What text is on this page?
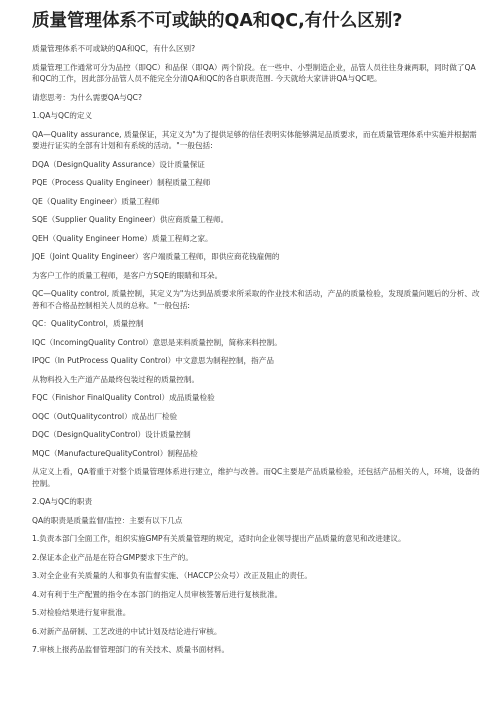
质量管理体系不可或缺的QA和QC,有什么区别?
质量管理体系不可或缺的QA和QC，有什么区别?
质量管理工作通常可分为品控（即QC）和品保（即QA）两个阶段。在一些中、小型制造企业，品管人员往往身兼两职，同时做了QA和QC的工作，因此部分品管人员不能完全分清QA和QC的各自职责范围. 今天就给大家讲讲QA与QC吧。
请您思考：为什么需要QA与QC?
1.QA与QC的定义
QA—Quality assurance, 质量保证，其定义为"为了提供足够的信任表明实体能够满足品质要求，而在质量管理体系中实施并根据需要进行证实的全部有计划和有系统的活动。"一般包括:
DQA（DesignQuality Assurance）设计质量保证
PQE（Process Quality Engineer）制程质量工程师
QE（Quality Engineer）质量工程师
SQE（Supplier Quality Engineer）供应商质量工程师。
QEH（Quality Engineer Home）质量工程师之家。
JQE（Joint Quality Engineer）客户端质量工程师，即供应商花钱雇佣的
为客户工作的质量工程师，是客户方SQE的眼睛和耳朵。
QC—Quality control, 质量控制，其定义为"为达到品质要求所采取的作业技术和活动，产品的质量检验，发现质量问题后的分析、改善和不合格品控制相关人员的总称。"一般包括:
QC：QualityControl，质量控制
IQC（IncomingQuality Control）意思是来料质量控制，简称来料控制。
IPQC（In PutProcess Quality Control）中文意思为制程控制，指产品
从物料投入生产道产品最终包装过程的质量控制。
FQC（Finishor FinalQuality Control）成品质量检验
OQC（OutQualitycontrol）成品出厂检验
DQC（DesignQualityControl）设计质量控制
MQC（ManufactureQualityControl）制程品检
从定义上看，QA着重于对整个质量管理体系进行建立，维护与改善。而QC主要是产品质量检验，还包括产品相关的人，环境，设备的控制。
2.QA与QC的职责
QA的职责是质量监督/监控：主要有以下几点
1.负责本部门全面工作，组织实施GMP有关质量管理的规定，适时向企业领导提出产品质量的意见和改进建议。
2.保证本企业产品是在符合GMP要求下生产的。
3.对全企业有关质量的人和事负有监督实施、（HACCP公众号）改正及阻止的责任。
4.对有利于生产配置的指令在本部门的指定人员审核签署后进行复核批准。
5.对检验结果进行复审批准。
6.对新产品研制、工艺改进的中试计划及结论进行审核。
7.审核上报药品监督管理部门的有关技术、质量书面材料。
